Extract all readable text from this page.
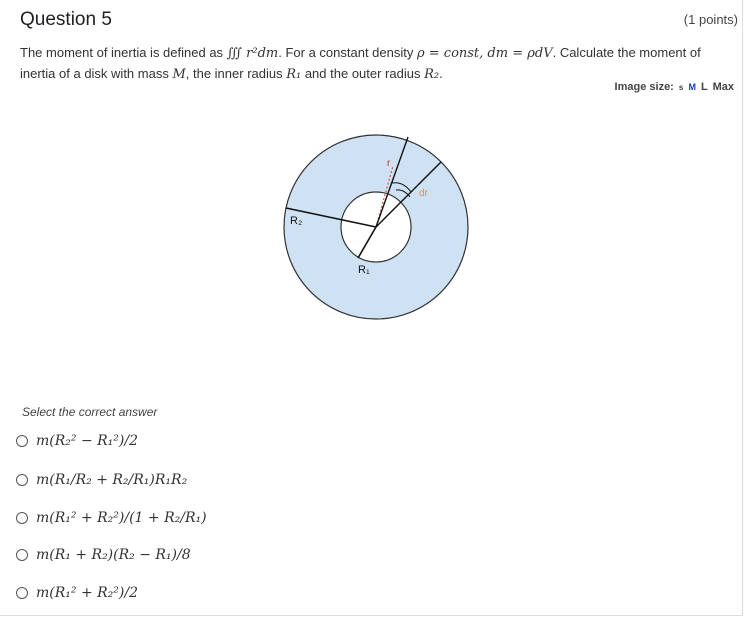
Question 5	(1 points)
The moment of inertia is defined as ∭ r²dm. For a constant density ρ = const, dm = ρdV. Calculate the moment of inertia of a disk with mass M, the inner radius R₁ and the outer radius R₂.
Image size: s M L Max
r
dr
R₂
R₁
Select the correct answer
m(R₂² − R₁²)/2
m(R₁/R₂ + R₂/R₁)R₁R₂
m(R₁² + R₂²)/(1 + R₂/R₁)
m(R₁ + R₂)(R₂ − R₁)/8
m(R₁² + R₂²)/2
